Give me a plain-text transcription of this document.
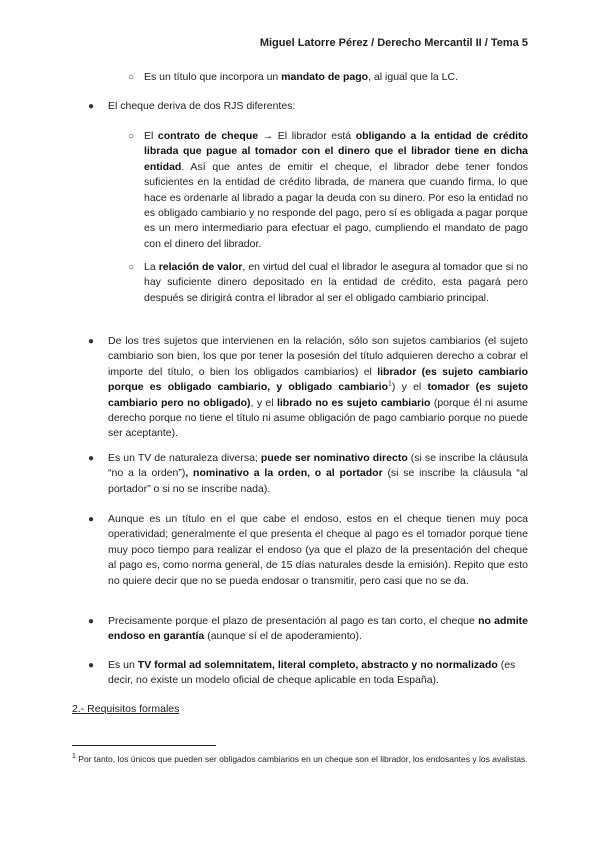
Miguel Latorre Pérez / Derecho Mercantil II / Tema 5
○ Es un título que incorpora un mandato de pago, al igual que la LC.
● El cheque deriva de dos RJS diferentes:
○ El contrato de cheque → El librador está obligando a la entidad de crédito librada que pague al tomador con el dinero que el librador tiene en dicha entidad. Así que antes de emitir el cheque, el librador debe tener fondos suficientes en la entidad de crédito librada, de manera que cuando firma, lo que hace es ordenarle al librado a pagar la deuda con su dinero. Por eso la entidad no es obligado cambiario y no responde del pago, pero sí es obligada a pagar porque es un mero intermediario para efectuar el pago, cumpliendo el mandato de pago con el dinero del librador.
○ La relación de valor, en virtud del cual el librador le asegura al tomador que si no hay suficiente dinero depositado en la entidad de crédito, esta pagará pero después se dirigirá contra el librador al ser el obligado cambiario principal.
● De los tres sujetos que intervienen en la relación, sólo son sujetos cambiarios (el sujeto cambiario son bien, los que por tener la posesión del título adquieren derecho a cobrar el importe del título, o bien los obligados cambiarios) el librador (es sujeto cambiario porque es obligado cambiario, y obligado cambiario$^1$) y el tomador (es sujeto cambiario pero no obligado), y el librado no es sujeto cambiario (porque él ni asume derecho porque no tiene el título ni asume obligación de pago cambiario porque no puede ser aceptante).
● Es un TV de naturaleza diversa; puede ser nominativo directo (si se inscribe la cláusula “no a la orden”), nominativo a la orden, o al portador (si se inscribe la cláusula “al portador” o si no se inscribe nada).
● Aunque es un título en el que cabe el endoso, estos en el cheque tienen muy poca operatividad; generalmente el que presenta el cheque al pago es el tomador porque tiene muy poco tiempo para realizar el endoso (ya que el plazo de la presentación del cheque al pago es, como norma general, de 15 días naturales desde la emisión). Repito que esto no quiere decir que no se pueda endosar o transmitir, pero casi que no se da.
● Precisamente porque el plazo de presentación al pago es tan corto, el cheque no admite endoso en garantía (aunque sí el de apoderamiento).
● Es un TV formal ad solemnitatem, literal completo, abstracto y no normalizado (es decir, no existe un modelo oficial de cheque aplicable en toda España).
2.- Requisitos formales
$^1$ Por tanto, los únicos que pueden ser obligados cambiarios en un cheque son el librador, los endosantes y los avalistas.
